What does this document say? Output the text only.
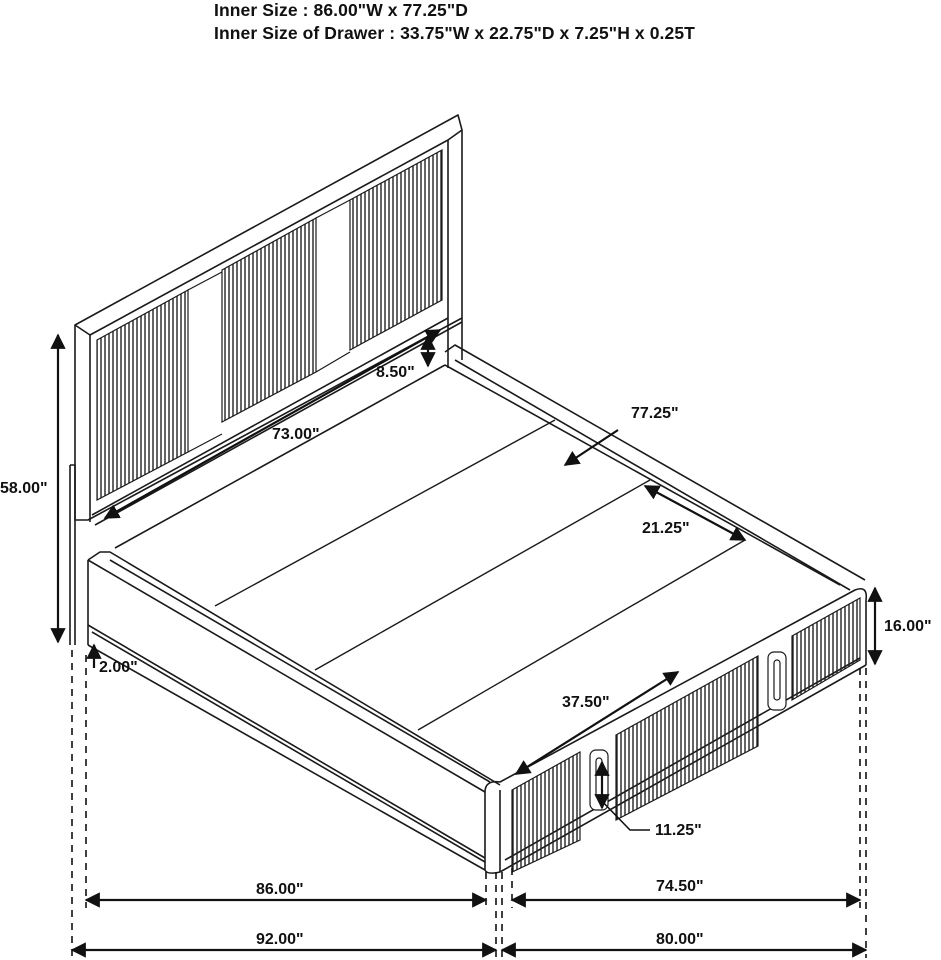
Inner Size : 86.00"W x 77.25"D
Inner Size of Drawer : 33.75"W x 22.75"D x 7.25"H x 0.25T
58.00"
8.50"
73.00"
77.25"
21.25"
16.00"
2.00"
37.50"
11.25"
86.00"	74.50"
92.00"	80.00"
